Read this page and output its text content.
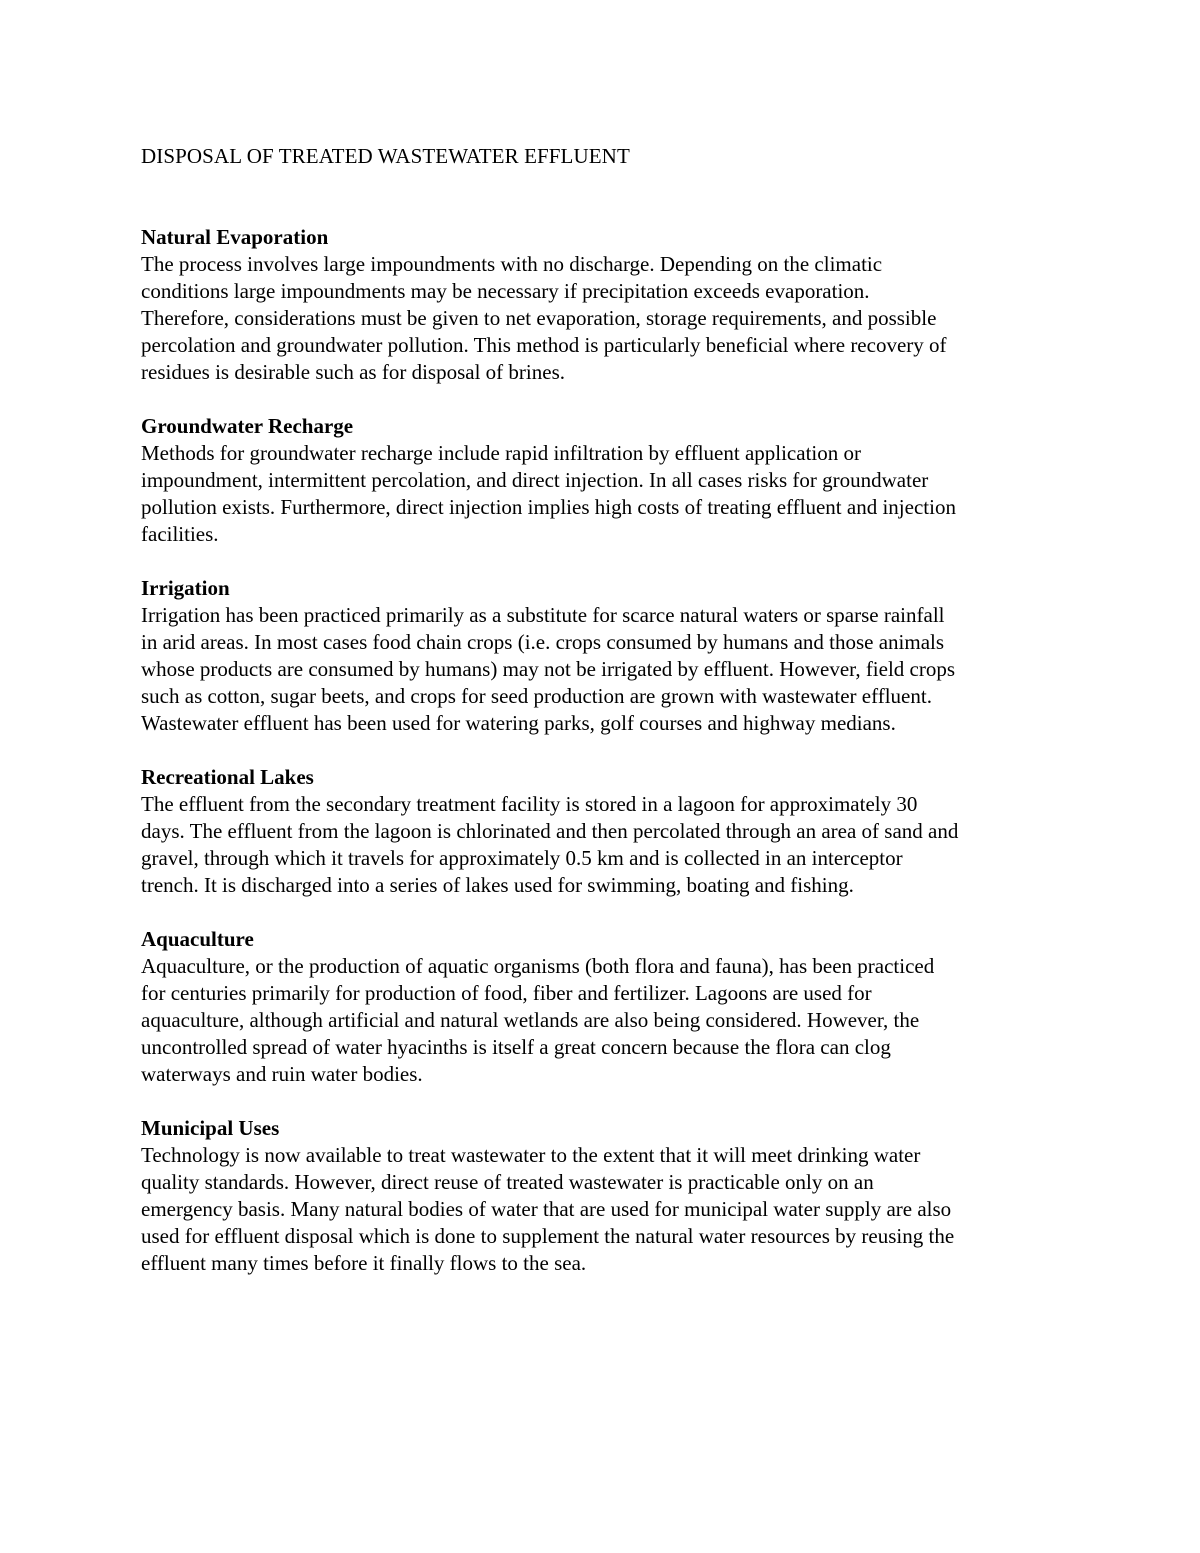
DISPOSAL OF TREATED WASTEWATER EFFLUENT

Natural Evaporation

The process involves large impoundments with no discharge. Depending on the climatic
conditions large impoundments may be necessary if precipitation exceeds evaporation.
Therefore, considerations must be given to net evaporation, storage requirements, and possible
percolation and groundwater pollution. This method is particularly beneficial where recovery of
residues is desirable such as for disposal of brines.

Groundwater Recharge

Methods for groundwater recharge include rapid infiltration by effluent application or
impoundment, intermittent percolation, and direct injection. In all cases risks for groundwater
pollution exists. Furthermore, direct injection implies high costs of treating effluent and injection
facilities.

Irrigation

Irrigation has been practiced primarily as a substitute for scarce natural waters or sparse rainfall
in arid areas. In most cases food chain crops (i.e. crops consumed by humans and those animals
whose products are consumed by humans) may not be irrigated by effluent. However, field crops
such as cotton, sugar beets, and crops for seed production are grown with wastewater effluent.
Wastewater effluent has been used for watering parks, golf courses and highway medians.

Recreational Lakes

The effluent from the secondary treatment facility is stored in a lagoon for approximately 30
days. The effluent from the lagoon is chlorinated and then percolated through an area of sand and
gravel, through which it travels for approximately 0.5 km and is collected in an interceptor
trench. It is discharged into a series of lakes used for swimming, boating and fishing.

Aquaculture

Aquaculture, or the production of aquatic organisms (both flora and fauna), has been practiced
for centuries primarily for production of food, fiber and fertilizer. Lagoons are used for
aquaculture, although artificial and natural wetlands are also being considered. However, the
uncontrolled spread of water hyacinths is itself a great concern because the flora can clog
waterways and ruin water bodies.

Municipal Uses

Technology is now available to treat wastewater to the extent that it will meet drinking water
quality standards. However, direct reuse of treated wastewater is practicable only on an
emergency basis. Many natural bodies of water that are used for municipal water supply are also
used for effluent disposal which is done to supplement the natural water resources by reusing the
effluent many times before it finally flows to the sea.
